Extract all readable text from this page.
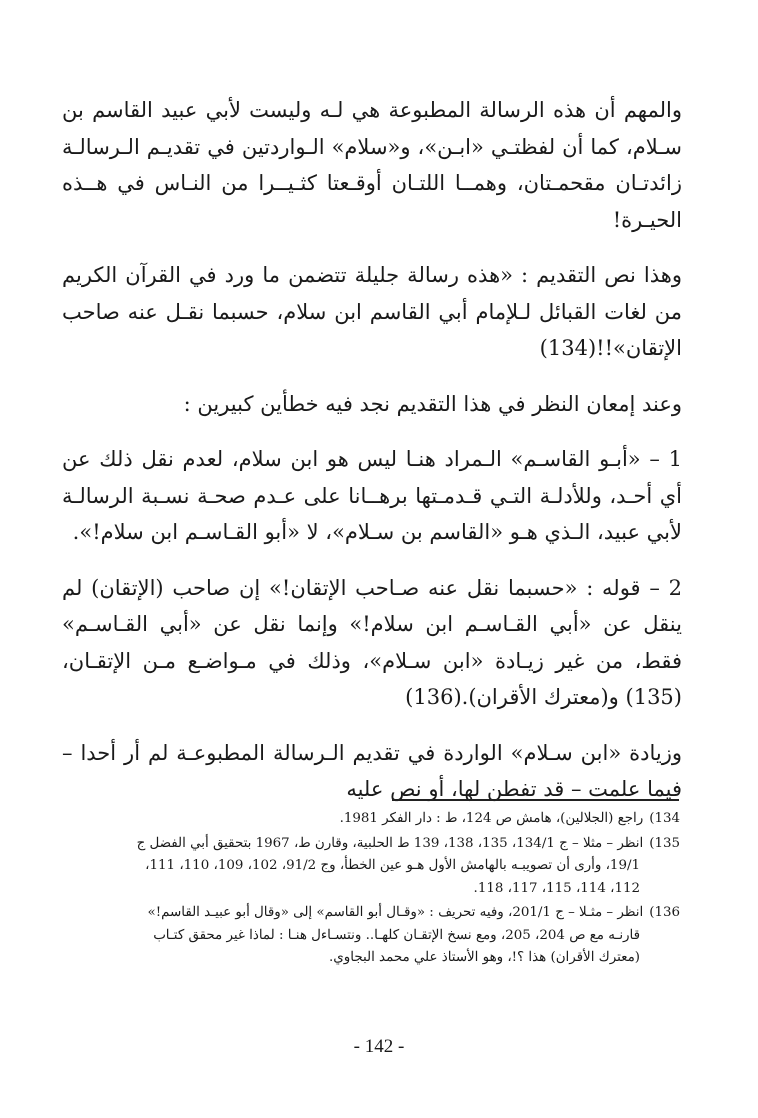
والمهم أن هذه الرسالة المطبوعة هي لـه وليست لأبي عبيد القاسم بن سـلام، كما أن لفظتـي «ابـن»، و«سلام» الـواردتين في تقديـم الـرسالـة زائدتـان مقحمـتان، وهمــا اللتـان أوقـعتا كثـيــرا من النـاس في هــذه الحيـرة!

وهذا نص التقديم : «هذه رسالة جليلة تتضمن ما ورد في القرآن الكريم من لغات القبائل لـلإمام أبي القاسم ابن سلام، حسبما نقـل عنه صاحب الإتقان»!!(134)

وعند إمعان النظر في هذا التقديم نجد فيه خطأين كبيرين :

1 – «أبـو القاسـم» الـمراد هنـا ليس هو ابن سلام، لعدم نقل ذلك عن أي أحـد، وللأدلـة التـي قـدمـتها برهــانا على عـدم صحـة نسـبة الرسالـة لأبي عبيد، الـذي هـو «القاسم بن سـلام»، لا «أبو القـاسـم ابن سلام!».

2 – قوله : «حسبما نقل عنه صـاحب الإتقان!» إن صاحب (الإتقان) لم ينقل عن «أبي القـاسـم ابن سلام!» وإنما نقل عن «أبي القـاسـم» فقط، من غير زيـادة «ابن سـلام»، وذلك في مـواضـع مـن الإتقـان،(135) و(معترك الأقران).(136)

وزيادة «ابن سـلام» الواردة في تقديم الـرسالة المطبوعـة لم أر أحدا – فيما علمت – قد تفطن لها، أو نص عليه

134)راجع (الجلالين)، هامش ص 124، ط : دار الفكر 1981.
135)انظر – مثلا – ج 134/1، 135، 138، 139 ط الحلبية، وقارن ط، 1967 بتحقيق أبي الفضل ج
19/1، وأرى أن تصويبـه بالهامش الأول هـو عين الخطأ، وج 91/2، 102، 109، 110، 111،
112، 114، 115، 117، 118.
136)انظر – مثـلا – ج 201/1، وفيه تحريف : «وقـال أبو القاسم» إلى «وقال أبو عبيـد القاسم!»
قارنـه مع ص 204، 205، ومع نسخ الإتقـان كلهـا.. ونتسـاءل هنـا : لماذا غير محقق كتـاب
(معترك الأقران) هذا ؟!، وهو الأستاذ علي محمد البجاوي.
- 142 -
